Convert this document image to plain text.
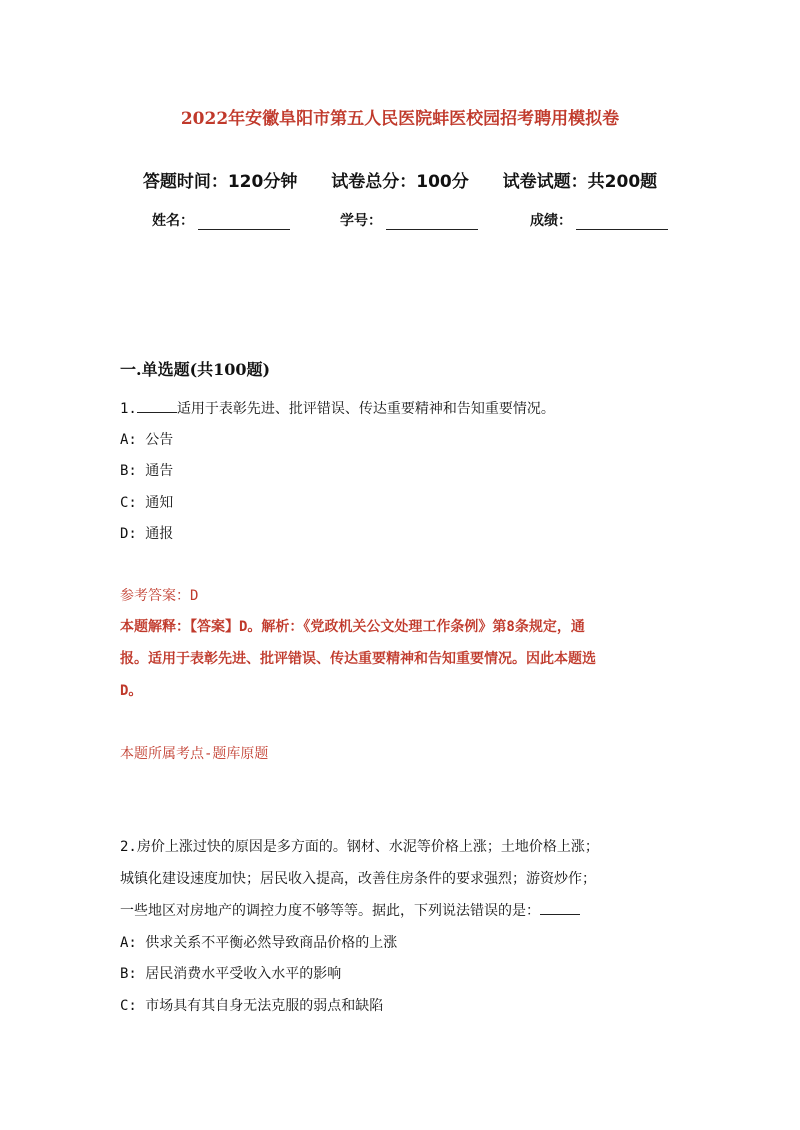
2022年安徽阜阳市第五人民医院蚌医校园招考聘用模拟卷
答题时间：120分钟 试卷总分：100分 试卷试题：共200题
姓名：	学号：	成绩：
一.单选题(共100题)
1.	适用于表彰先进、批评错误、传达重要精神和告知重要情况。
A: 公告
B: 通告
C: 通知
D: 通报
参考答案：D
本题解释：【答案】D。解析：《党政机关公文处理工作条例》第8条规定，通
报。适用于表彰先进、批评错误、传达重要精神和告知重要情况。因此本题选
D。
本题所属考点-题库原题
2.房价上涨过快的原因是多方面的。钢材、水泥等价格上涨；土地价格上涨；
城镇化建设速度加快；居民收入提高，改善住房条件的要求强烈；游资炒作；
一些地区对房地产的调控力度不够等等。据此，下列说法错误的是：
A: 供求关系不平衡必然导致商品价格的上涨
B: 居民消费水平受收入水平的影响
C: 市场具有其自身无法克服的弱点和缺陷
